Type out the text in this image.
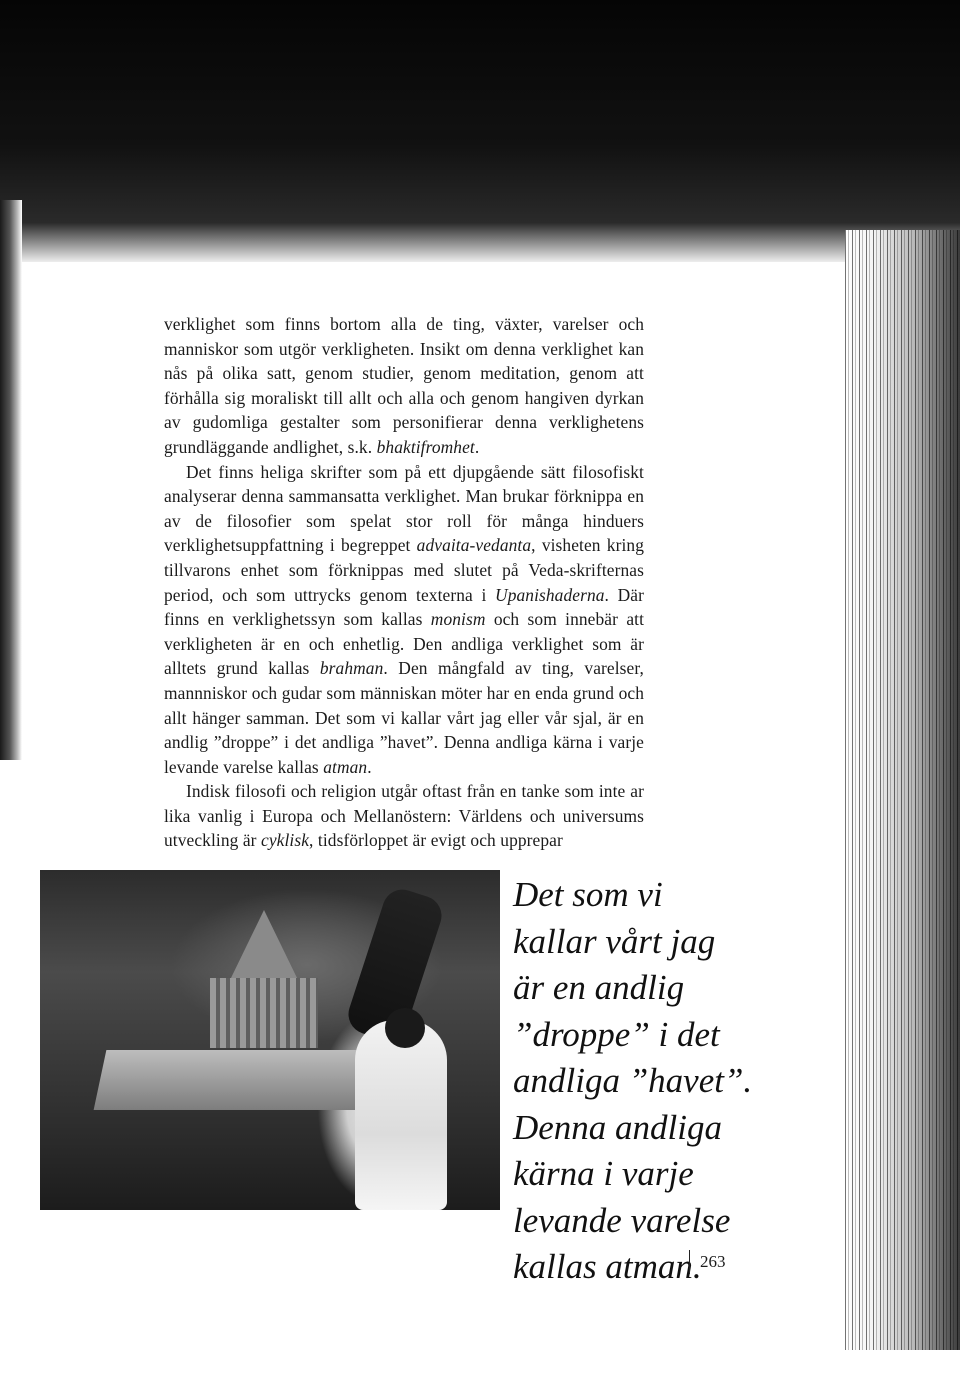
verklighet som finns bortom alla de ting, växter, varelser och manniskor som utgör verkligheten. Insikt om denna verklighet kan nås på olika satt, genom studier, genom meditation, genom att förhålla sig moraliskt till allt och alla och genom hangiven dyrkan av gudomliga gestalter som personifierar denna verklighetens grundläggande andlighet, s.k. bhaktifromhet.

Det finns heliga skrifter som på ett djupgående sätt filosofiskt analyserar denna sammansatta verklighet. Man brukar förknippa en av de filosofier som spelat stor roll för många hinduers verklighetsuppfattning i begreppet advaita-vedanta, visheten kring tillvarons enhet som förknippas med slutet på Veda-skrifternas period, och som uttrycks genom texterna i Upanishaderna. Där finns en verklighetssyn som kallas monism och som innebär att verkligheten är en och enhetlig. Den andliga verklighet som är alltets grund kallas brahman. Den mångfald av ting, varelser, mannniskor och gudar som människan möter har en enda grund och allt hänger samman. Det som vi kallar vårt jag eller vår sjal, är en andlig ”droppe” i det andliga ”havet”. Denna andliga kärna i varje levande varelse kallas atman.

Indisk filosofi och religion utgår oftast från en tanke som inte ar lika vanlig i Europa och Mellanöstern: Världens och universums utveckling är cyklisk, tidsförloppet är evigt och upprepar

Det som vi kallar vårt jag är en andlig ”droppe” i det andliga ”havet”. Denna andliga kärna i varje levande varelse kallas atman.
263
